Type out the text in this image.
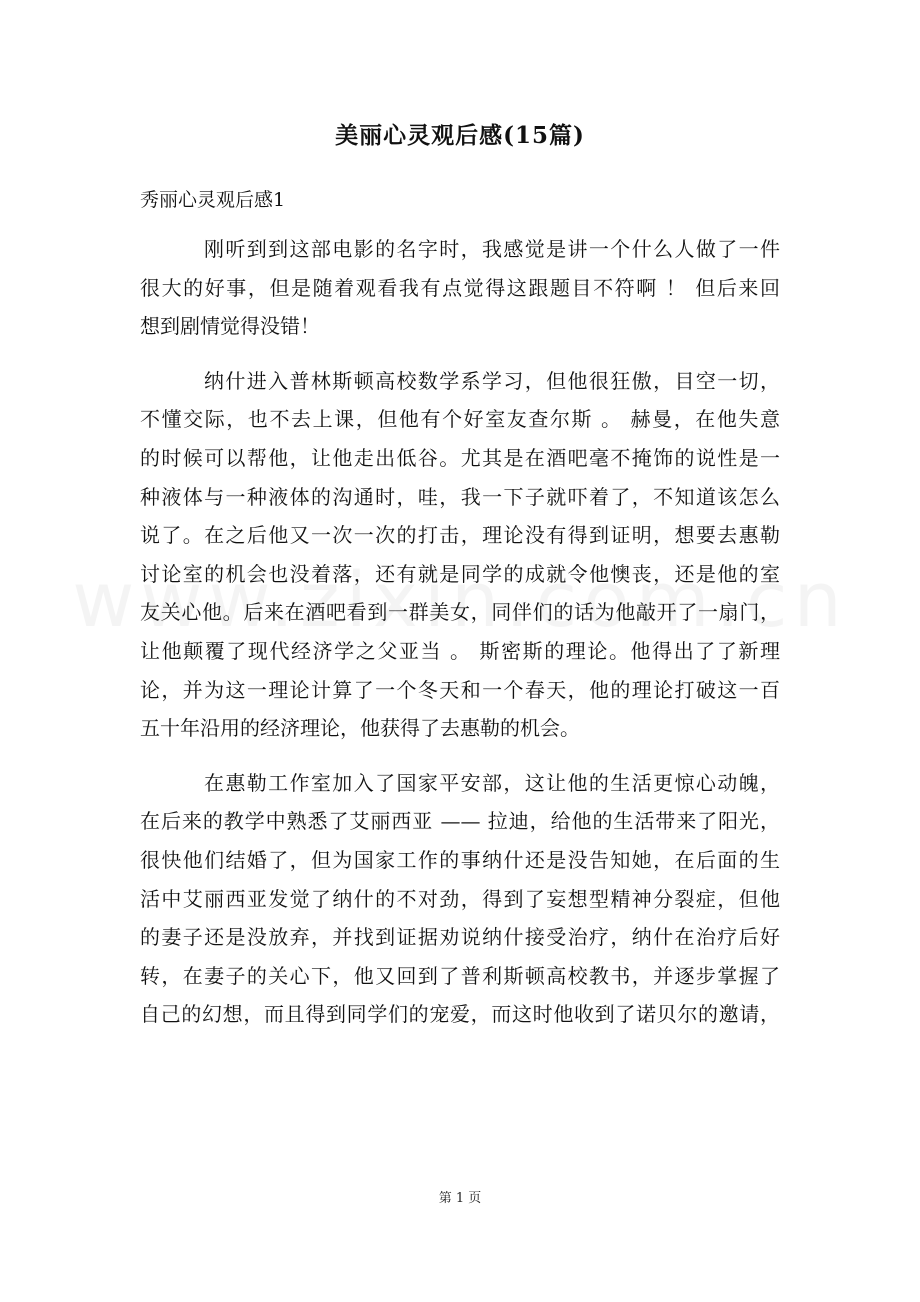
美丽心灵观后感(15篇)
秀丽心灵观后感1
刚听到到这部电影的名字时，我感觉是讲一个什么人做了一件
很大的好事，但是随着观看我有点觉得这跟题目不符啊 ！ 但后来回
想到剧情觉得没错！
纳什进入普林斯顿高校数学系学习，但他很狂傲，目空一切，
不懂交际，也不去上课，但他有个好室友查尔斯 。 赫曼，在他失意
的时候可以帮他，让他走出低谷。尤其是在酒吧毫不掩饰的说性是一
种液体与一种液体的沟通时，哇，我一下子就吓着了，不知道该怎么
说了。在之后他又一次一次的打击，理论没有得到证明，想要去惠勒
讨论室的机会也没着落，还有就是同学的成就令他懊丧，还是他的室
友关心他。后来在酒吧看到一群美女，同伴们的话为他敲开了一扇门，
让他颠覆了现代经济学之父亚当 。 斯密斯的理论。他得出了了新理
论，并为这一理论计算了一个冬天和一个春天，他的理论打破这一百
五十年沿用的经济理论，他获得了去惠勒的机会。
在惠勒工作室加入了国家平安部，这让他的生活更惊心动魄，
在后来的教学中熟悉了艾丽西亚 —— 拉迪，给他的生活带来了阳光，
很快他们结婚了，但为国家工作的事纳什还是没告知她，在后面的生
活中艾丽西亚发觉了纳什的不对劲，得到了妄想型精神分裂症，但他
的妻子还是没放弃，并找到证据劝说纳什接受治疗，纳什在治疗后好
转，在妻子的关心下，他又回到了普利斯顿高校教书，并逐步掌握了
自己的幻想，而且得到同学们的宠爱，而这时他收到了诺贝尔的邀请，
第 1 页
